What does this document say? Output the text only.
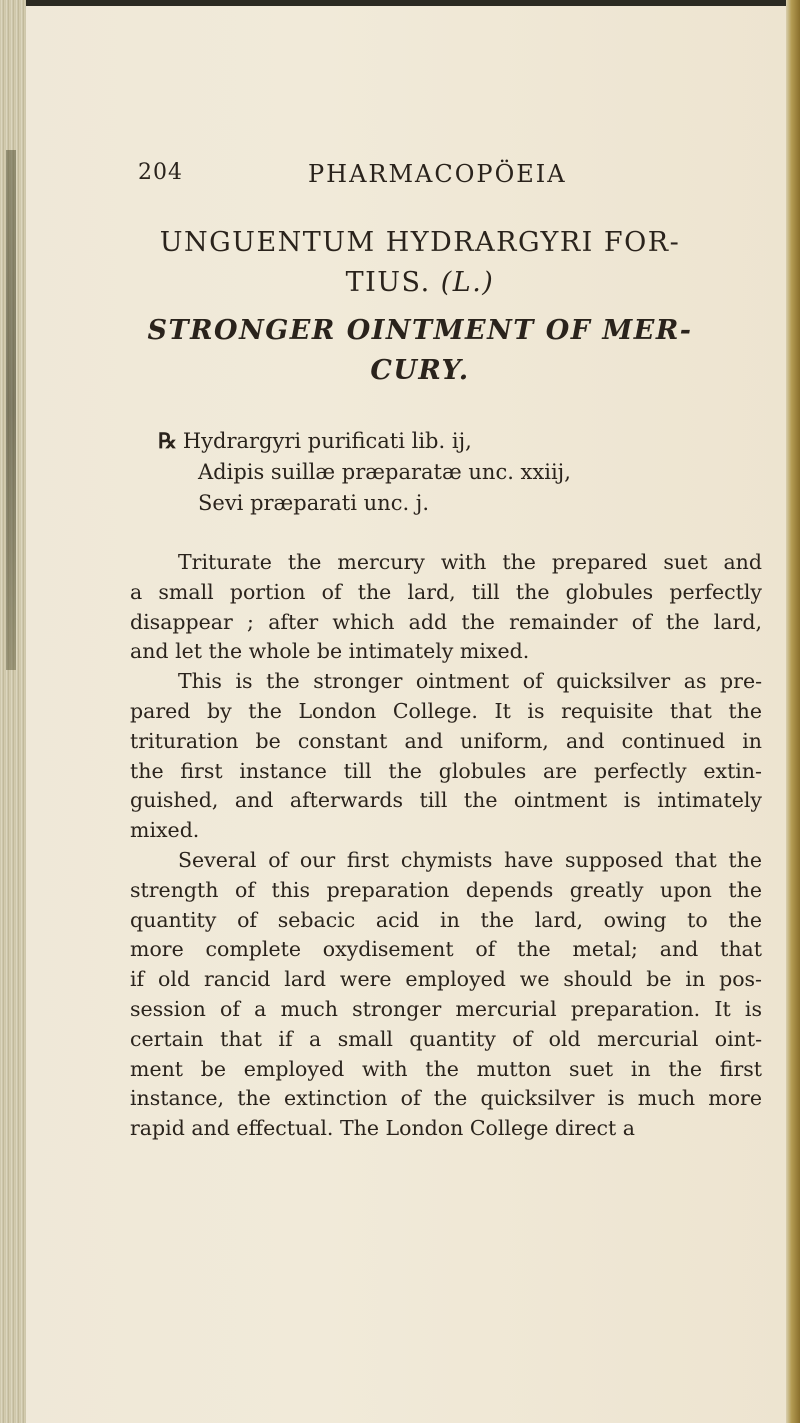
204	PHARMACOPÖEIA
UNGUENTUM HYDRARGYRI FOR-
TIUS. (L.)
STRONGER OINTMENT OF MER-
CURY.
℞ Hydrargyri purificati lib. ij,
Adipis suillæ præparatæ unc. xxiij,
Sevi præparati unc. j.
Triturate the mercury with the prepared suet and
a small portion of the lard, till the globules perfectly
disappear ; after which add the remainder of the lard,
and let the whole be intimately mixed.
This is the stronger ointment of quicksilver as pre-
pared by the London College. It is requisite that the
trituration be constant and uniform, and continued in
the first instance till the globules are perfectly extin-
guished, and afterwards till the ointment is intimately
mixed.
Several of our first chymists have supposed that the
strength of this preparation depends greatly upon the
quantity of sebacic acid in the lard, owing to the
more complete oxydisement of the metal; and that
if old rancid lard were employed we should be in pos-
session of a much stronger mercurial preparation. It is
certain that if a small quantity of old mercurial oint-
ment be employed with the mutton suet in the first
instance, the extinction of the quicksilver is much more
rapid and effectual. The London College direct a
